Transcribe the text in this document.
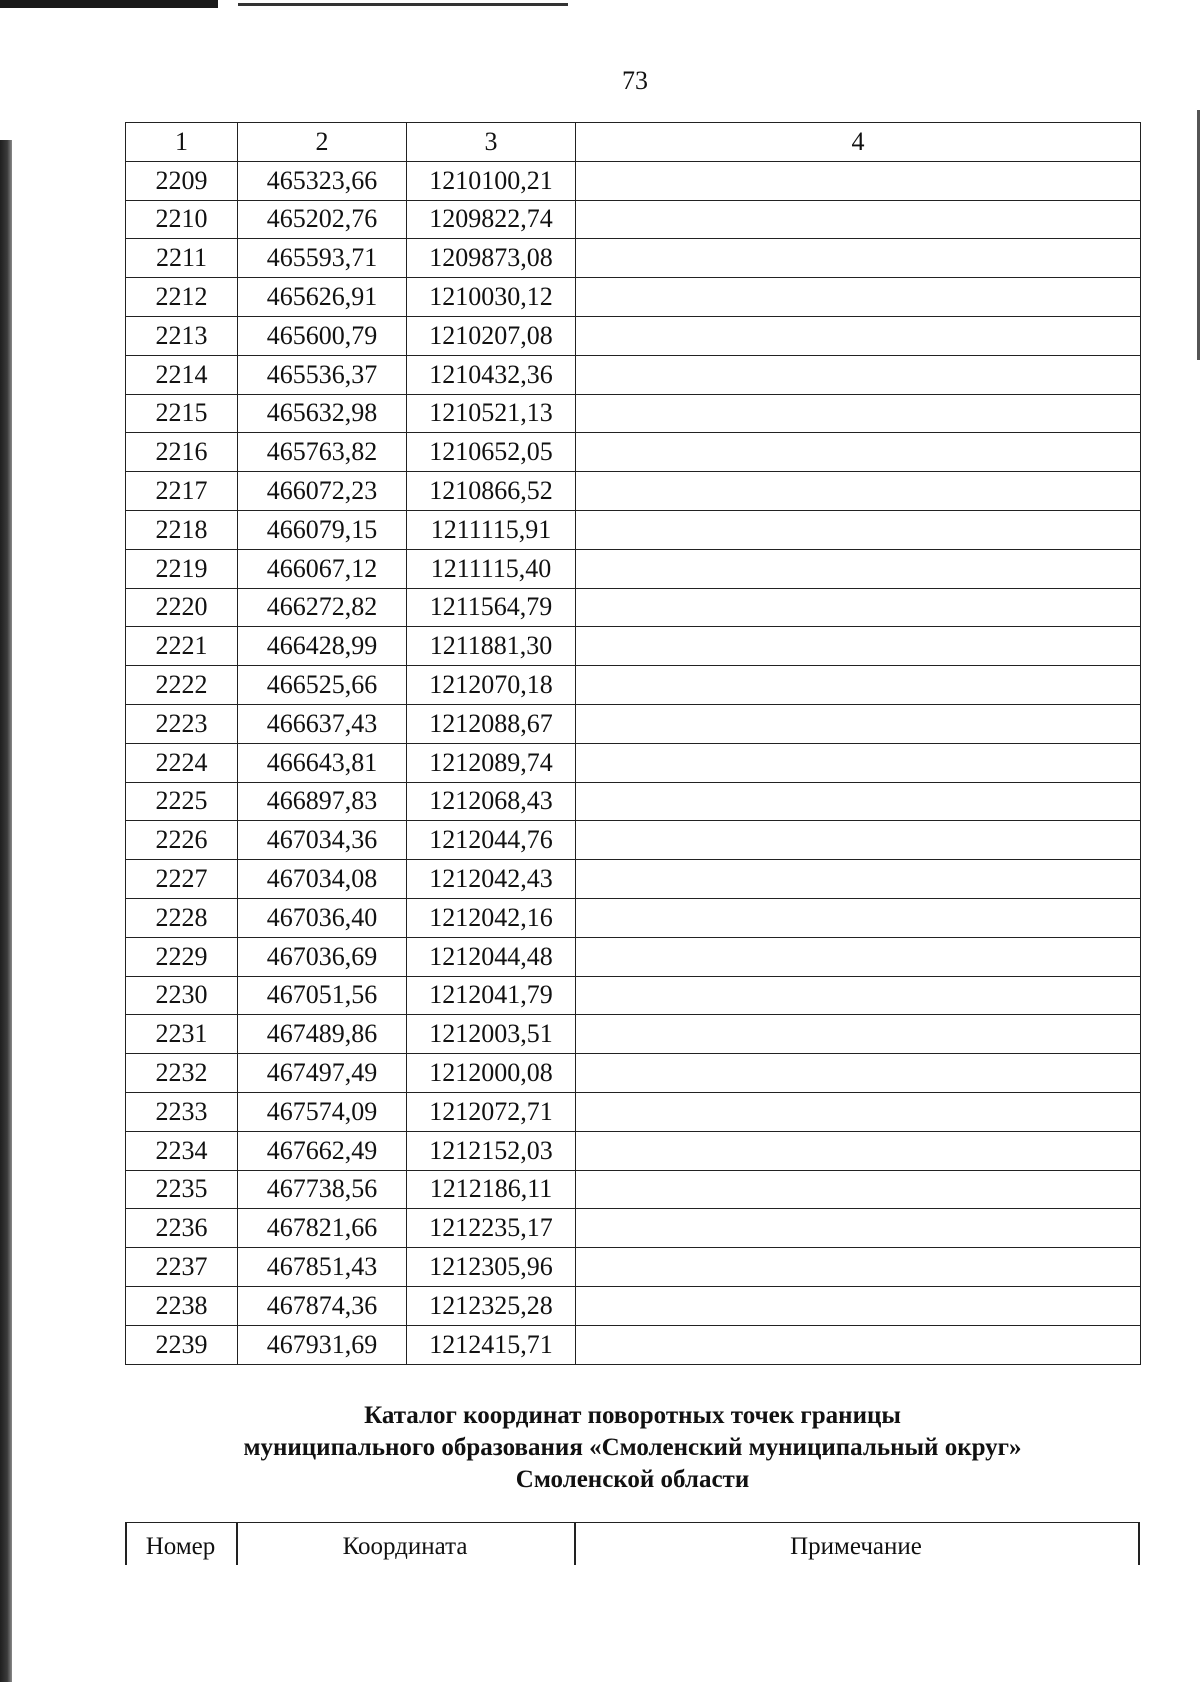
73
1	2	3	4
2209	465323,66	1210100,21	
2210	465202,76	1209822,74	
2211	465593,71	1209873,08	
2212	465626,91	1210030,12	
2213	465600,79	1210207,08	
2214	465536,37	1210432,36	
2215	465632,98	1210521,13	
2216	465763,82	1210652,05	
2217	466072,23	1210866,52	
2218	466079,15	1211115,91	
2219	466067,12	1211115,40	
2220	466272,82	1211564,79	
2221	466428,99	1211881,30	
2222	466525,66	1212070,18	
2223	466637,43	1212088,67	
2224	466643,81	1212089,74	
2225	466897,83	1212068,43	
2226	467034,36	1212044,76	
2227	467034,08	1212042,43	
2228	467036,40	1212042,16	
2229	467036,69	1212044,48	
2230	467051,56	1212041,79	
2231	467489,86	1212003,51	
2232	467497,49	1212000,08	
2233	467574,09	1212072,71	
2234	467662,49	1212152,03	
2235	467738,56	1212186,11	
2236	467821,66	1212235,17	
2237	467851,43	1212305,96	
2238	467874,36	1212325,28	
2239	467931,69	1212415,71	
Каталог координат поворотных точек границы
муниципального образования «Смоленский муниципальный округ»
Смоленской области
Номер	Координата	Примечание
